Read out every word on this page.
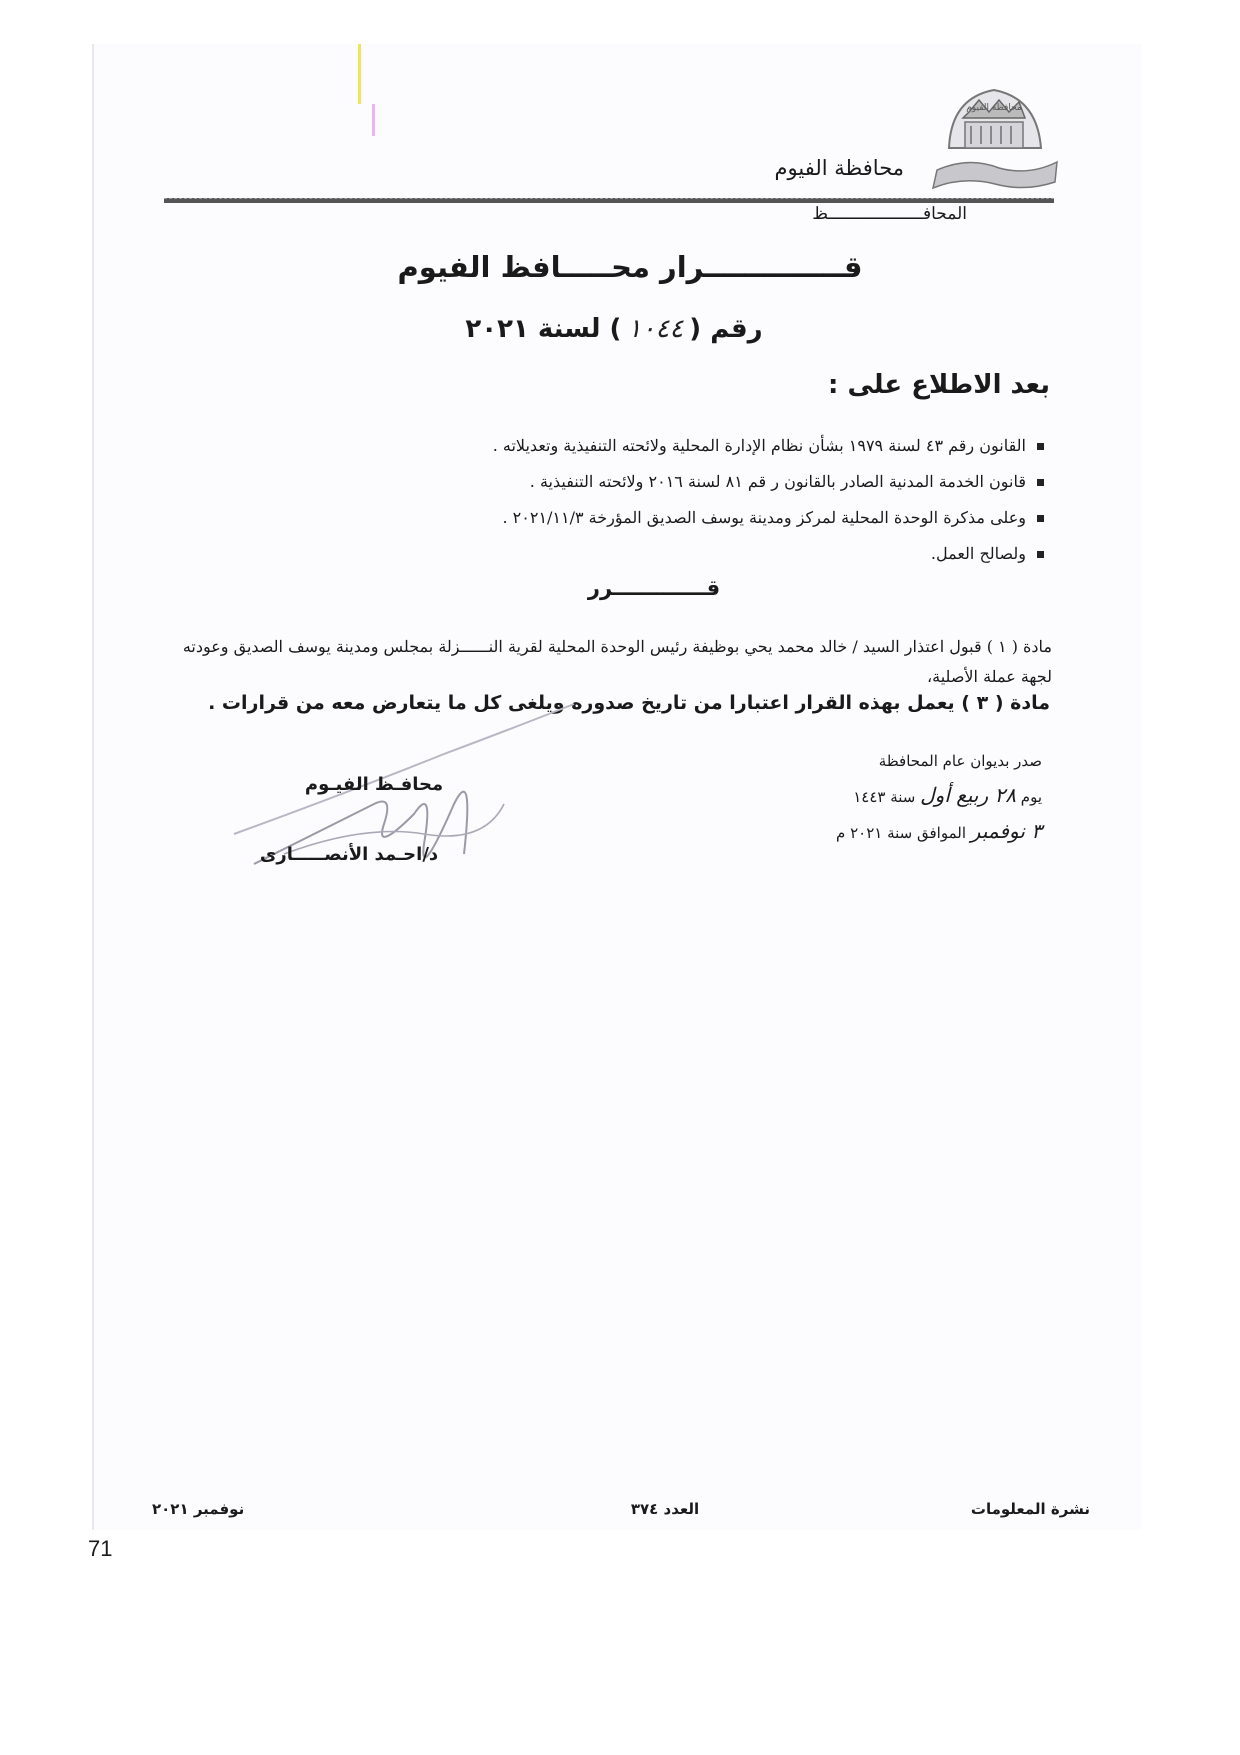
محافظة الفيوم
محافظة الفيوم
المحافـــــــــــــــــــظ
قــــــــــــــرار محـــــافظ الفيوم
رقم (١٠٤٤) لسنة ٢٠٢١
بعد الاطلاع على :
القانون رقم ٤٣ لسنة ١٩٧٩ بشأن نظام الإدارة المحلية ولائحته التنفيذية وتعديلاته .
قانون الخدمة المدنية الصادر بالقانون ر قم ٨١ لسنة ٢٠١٦ ولائحته التنفيذية .
وعلى مذكرة الوحدة المحلية لمركز ومدينة يوسف الصديق المؤرخة ٢٠٢١/١١/٣ .
ولصالح العمل.
قـــــــــــــرر
مادة ( ١ ) قبول اعتذار السيد / خالد محمد يحي بوظيفة رئيس الوحدة المحلية لقرية النــــــزلة بمجلس ومدينة يوسف الصديق وعودته
لجهة عملة الأصلية،
مادة ( ٣ ) يعمل بهذه القرار اعتبارا من تاريخ صدوره ويلغى كل ما يتعارض معه من قرارات .
صدر بديوان عام المحافظة
يوم ٢٨ ربيع أول سنة ١٤٤٣
٣ نوفمبر الموافق سنة ٢٠٢١ م
محافـظ الفيـوم
د/احـمد الأنصـــــارى
نشرة المعلومات
العدد ٣٧٤
نوفمبر ٢٠٢١
71
